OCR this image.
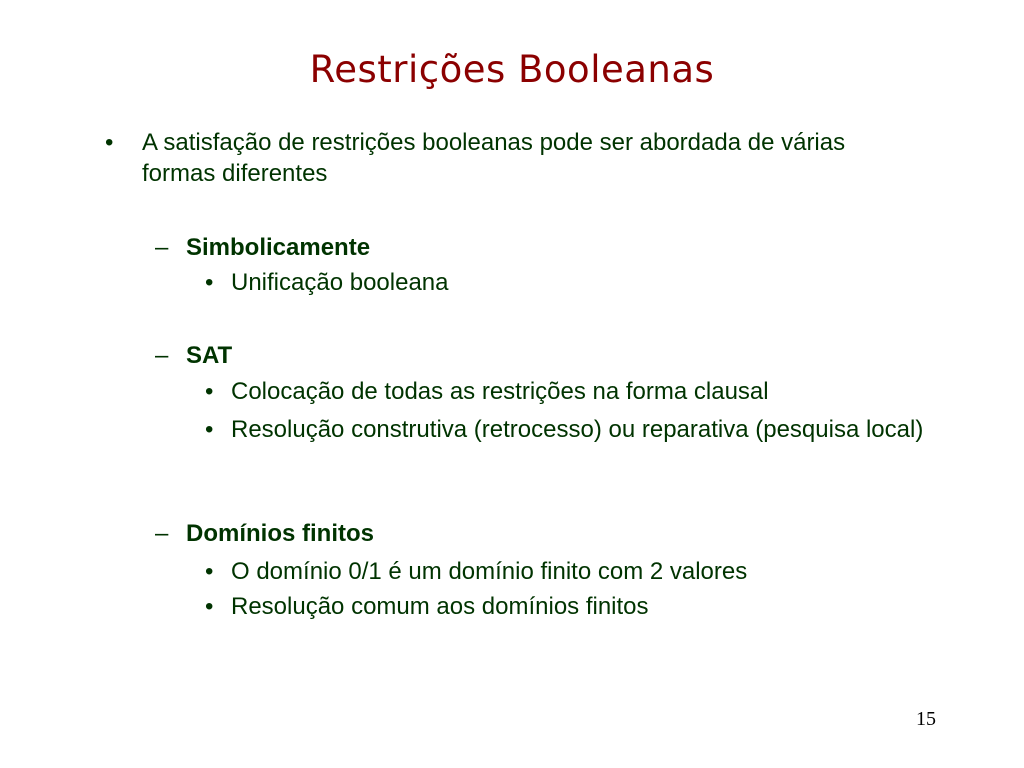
Restrições Booleanas
• A satisfação de restrições booleanas pode ser abordada de várias formas diferentes
– Simbolicamente
• Unificação booleana
– SAT
• Colocação de todas as restrições na forma clausal
• Resolução construtiva (retrocesso) ou reparativa (pesquisa local)
– Domínios finitos
• O domínio 0/1 é um domínio finito com 2 valores
• Resolução comum aos domínios finitos
15
